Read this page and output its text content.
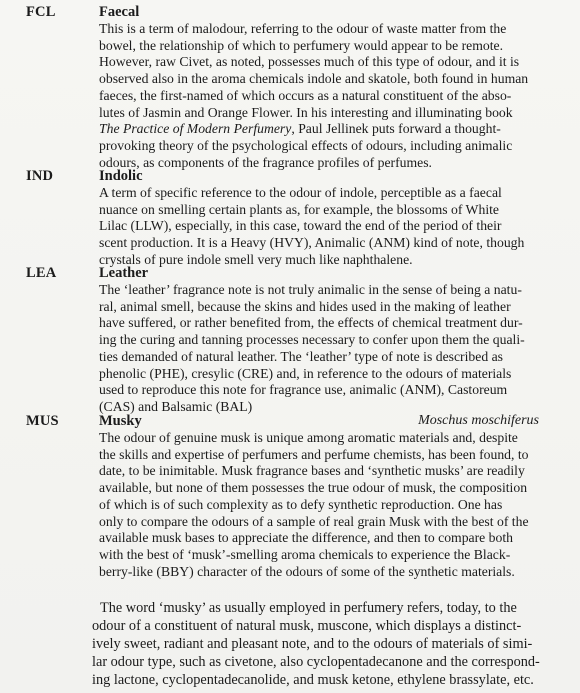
FCL	Faecal
This is a term of malodour, referring to the odour of waste matter from the
bowel, the relationship of which to perfumery would appear to be remote.
However, raw Civet, as noted, possesses much of this type of odour, and it is
observed also in the aroma chemicals indole and skatole, both found in human
faeces, the first-named of which occurs as a natural constituent of the abso-
lutes of Jasmin and Orange Flower. In his interesting and illuminating book
The Practice of Modern Perfumery, Paul Jellinek puts forward a thought-
provoking theory of the psychological effects of odours, including animalic
odours, as components of the fragrance profiles of perfumes.
IND	Indolic
A term of specific reference to the odour of indole, perceptible as a faecal
nuance on smelling certain plants as, for example, the blossoms of White
Lilac (LLW), especially, in this case, toward the end of the period of their
scent production. It is a Heavy (HVY), Animalic (ANM) kind of note, though
crystals of pure indole smell very much like naphthalene.
LEA	Leather
The ‘leather’ fragrance note is not truly animalic in the sense of being a natu-
ral, animal smell, because the skins and hides used in the making of leather
have suffered, or rather benefited from, the effects of chemical treatment dur-
ing the curing and tanning processes necessary to confer upon them the quali-
ties demanded of natural leather. The ‘leather’ type of note is described as
phenolic (PHE), cresylic (CRE) and, in reference to the odours of materials
used to reproduce this note for fragrance use, animalic (ANM), Castoreum
(CAS) and Balsamic (BAL)
MUS	Musky	Moschus moschiferus
The odour of genuine musk is unique among aromatic materials and, despite
the skills and expertise of perfumers and perfume chemists, has been found, to
date, to be inimitable. Musk fragrance bases and ‘synthetic musks’ are readily
available, but none of them possesses the true odour of musk, the composition
of which is of such complexity as to defy synthetic reproduction. One has
only to compare the odours of a sample of real grain Musk with the best of the
available musk bases to appreciate the difference, and then to compare both
with the best of ‘musk’-smelling aroma chemicals to experience the Black-
berry-like (BBY) character of the odours of some of the synthetic materials.
The word ‘musky’ as usually employed in perfumery refers, today, to the
odour of a constituent of natural musk, muscone, which displays a distinct-
ively sweet, radiant and pleasant note, and to the odours of materials of simi-
lar odour type, such as civetone, also cyclopentadecanone and the correspond-
ing lactone, cyclopentadecanolide, and musk ketone, ethylene brassylate, etc.
